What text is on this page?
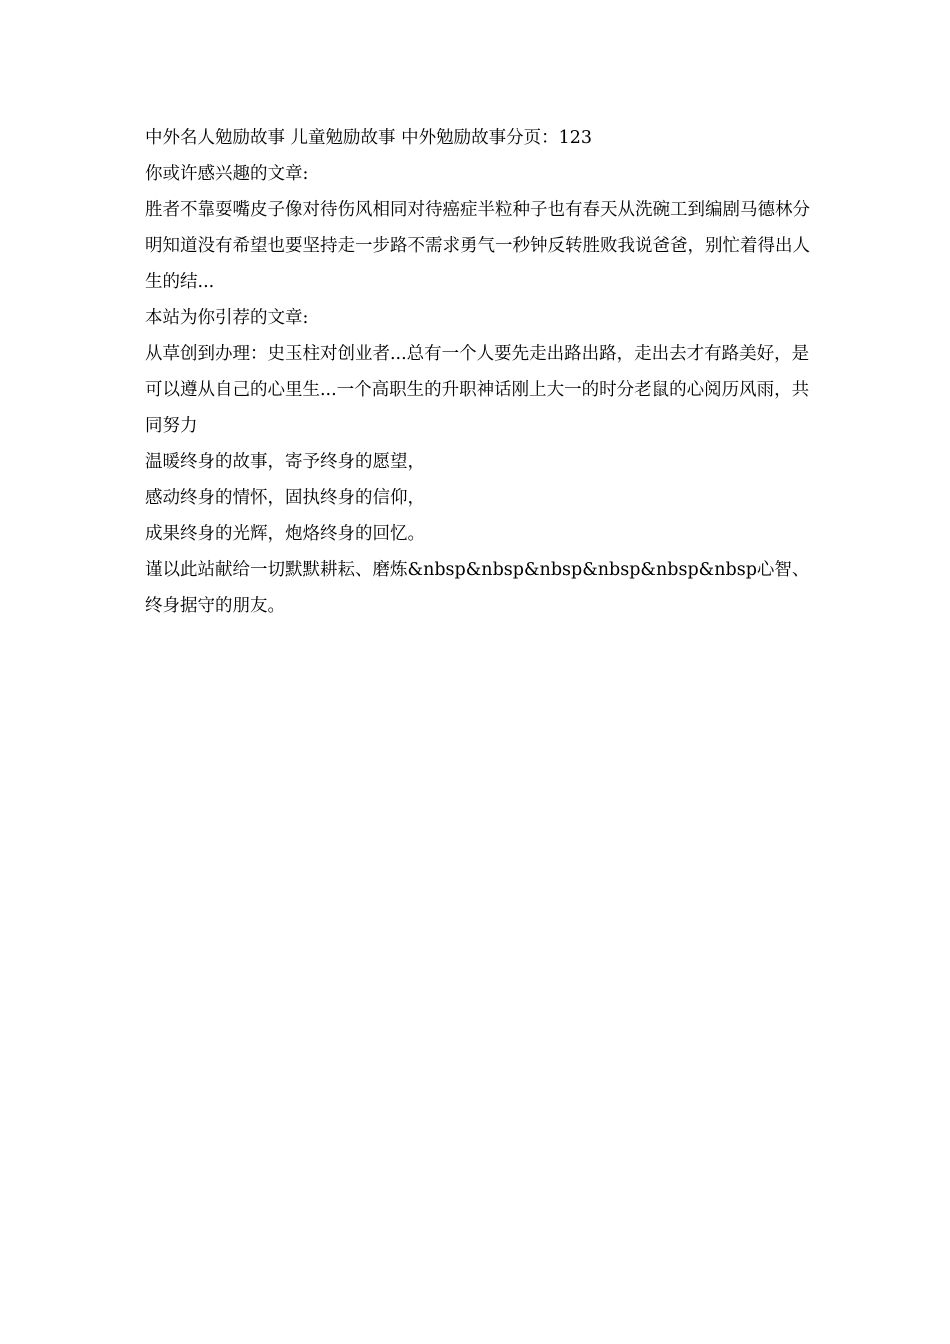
中外名人勉励故事 儿童勉励故事 中外勉励故事分页：123
你或许感兴趣的文章:
胜者不靠耍嘴皮子像对待伤风相同对待癌症半粒种子也有春天从洗碗工到编剧马德林分明知道没有希望也要坚持走一步路不需求勇气一秒钟反转胜败我说爸爸，别忙着得出人生的结...
本站为你引荐的文章:
从草创到办理：史玉柱对创业者...总有一个人要先走出路出路，走出去才有路美好，是可以遵从自己的心里生...一个高职生的升职神话刚上大一的时分老鼠的心阅历风雨，共同努力
温暖终身的故事，寄予终身的愿望，
感动终身的情怀，固执终身的信仰，
成果终身的光辉，炮烙终身的回忆。
谨以此站献给一切默默耕耘、磨炼&nbsp&nbsp&nbsp&nbsp&nbsp&nbsp心智、终身据守的朋友。
